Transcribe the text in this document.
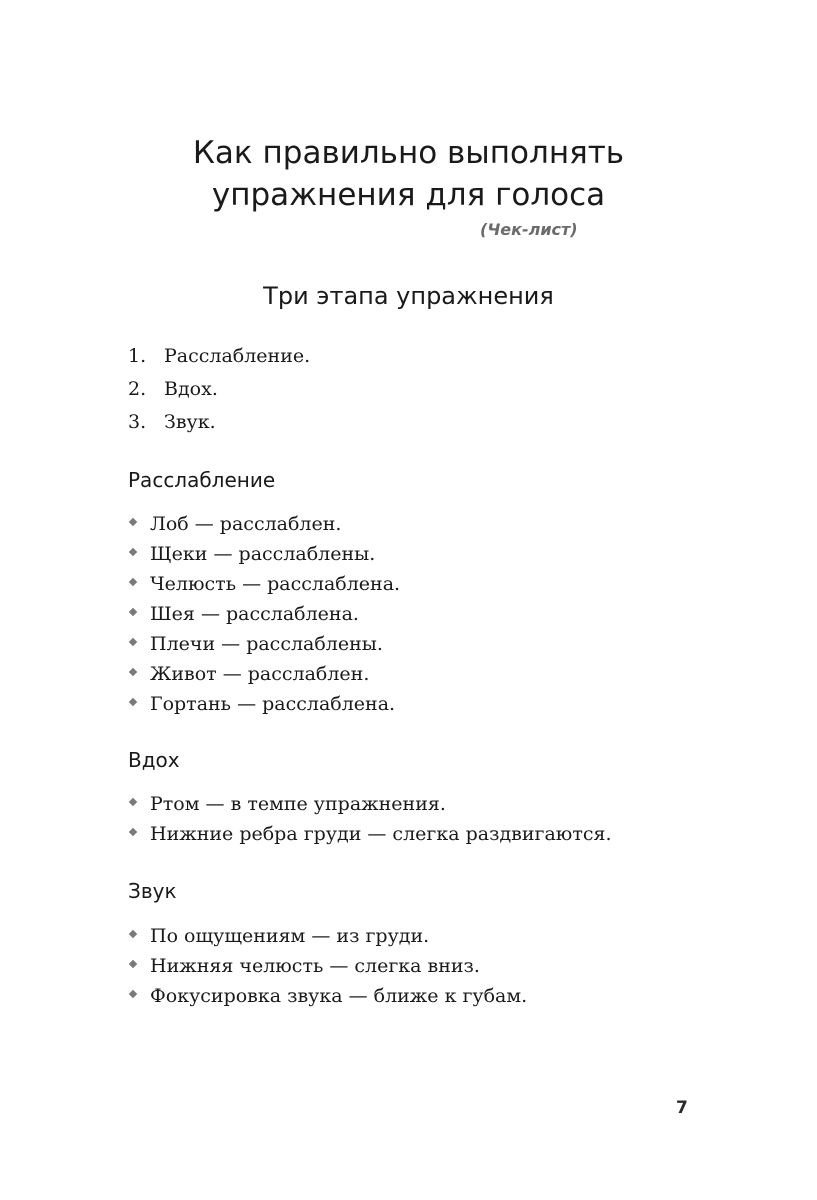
Как правильно выполнять
упражнения для голоса
(Чек-лист)
Три этапа упражнения
1. Расслабление.
2. Вдох.
3. Звук.
Расслабление
Лоб — расслаблен.
Щеки — расслаблены.
Челюсть — расслаблена.
Шея — расслаблена.
Плечи — расслаблены.
Живот — расслаблен.
Гортань — расслаблена.
Вдох
Ртом — в темпе упражнения.
Нижние ребра груди — слегка раздвигаются.
Звук
По ощущениям — из груди.
Нижняя челюсть — слегка вниз.
Фокусировка звука — ближе к губам.
7
